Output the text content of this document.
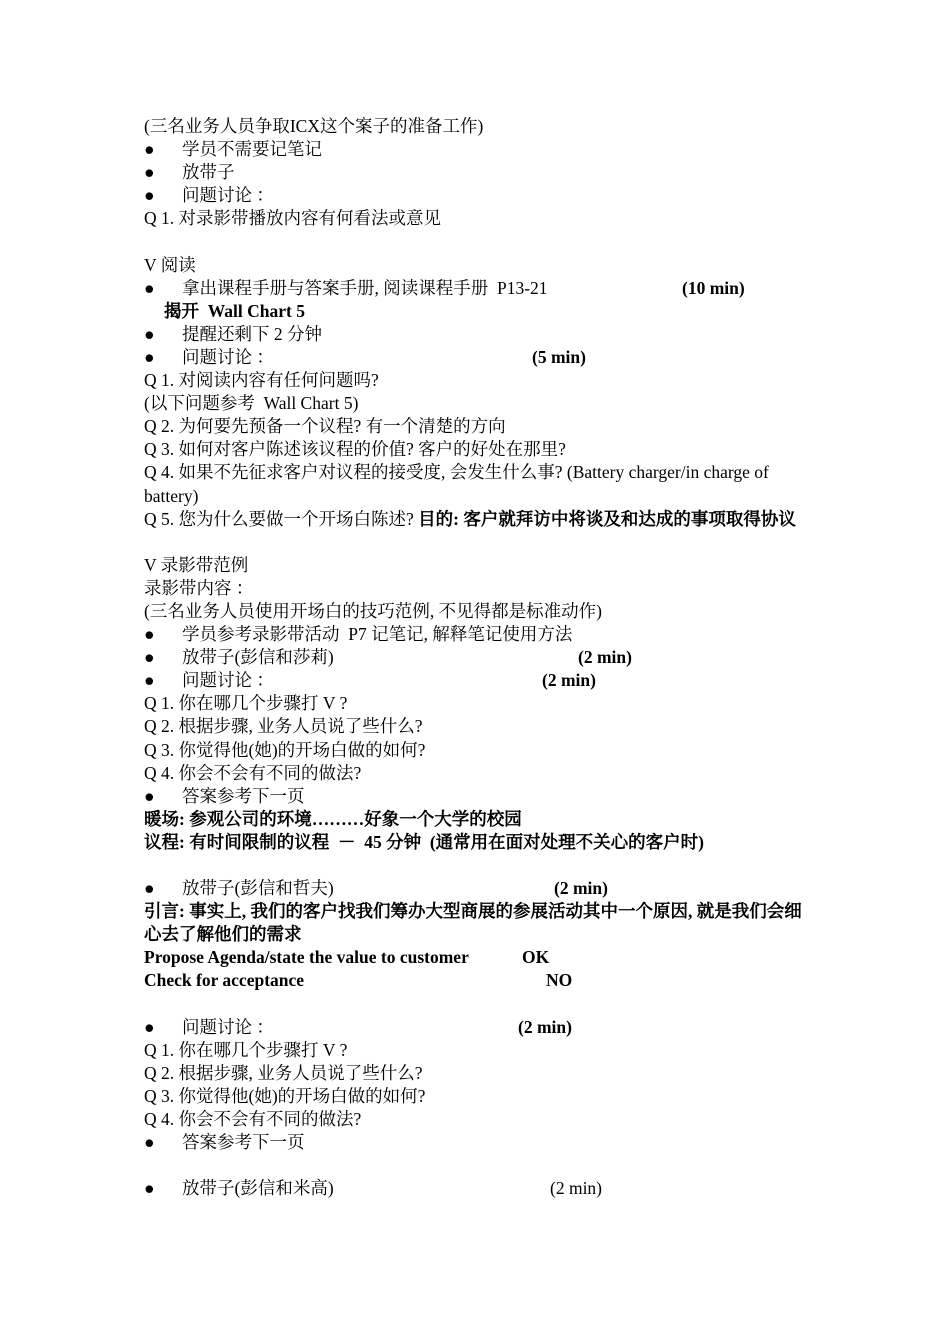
(三名业务人员争取ICX这个案子的准备工作)
● 学员不需要记笔记
● 放带子
● 问题讨论 ：
Q 1. 对录影带播放内容有何看法或意见
V 阅读
● 拿出课程手册与答案手册, 阅读课程手册  P13-21	(10 min)
揭开  Wall Chart 5
● 提醒还剩下 2 分钟
● 问题讨论 ：	(5 min)
Q 1. 对阅读内容有任何问题吗?
(以下问题参考  Wall Chart 5)
Q 2. 为何要先预备一个议程? 有一个清楚的方向
Q 3. 如何对客户陈述该议程的价值? 客户的好处在那里?
Q 4. 如果不先征求客户对议程的接受度, 会发生什么事? (Battery charger/in charge of battery)
Q 5. 您为什么要做一个开场白陈述? 目的: 客户就拜访中将谈及和达成的事项取得协议
V 录影带范例
录影带内容 ：
(三名业务人员使用开场白的技巧范例, 不见得都是标准动作)
● 学员参考录影带活动  P7 记笔记, 解释笔记使用方法
● 放带子(彭信和莎莉)	(2 min)
● 问题讨论 ：	(2 min)
Q 1. 你在哪几个步骤打 V ?
Q 2. 根据步骤, 业务人员说了些什么?
Q 3. 你觉得他(她)的开场白做的如何?
Q 4. 你会不会有不同的做法?
● 答案参考下一页
暖场: 参观公司的环境………好象一个大学的校园
议程: 有时间限制的议程  －  45 分钟  (通常用在面对处理不关心的客户时)
● 放带子(彭信和哲夫)	(2 min)
引言: 事实上, 我们的客户找我们筹办大型商展的参展活动其中一个原因, 就是我们会细心去了解他们的需求
Propose Agenda/state the value to customer	OK
Check for acceptance	NO
● 问题讨论 ：	(2 min)
Q 1. 你在哪几个步骤打 V ?
Q 2. 根据步骤, 业务人员说了些什么?
Q 3. 你觉得他(她)的开场白做的如何?
Q 4. 你会不会有不同的做法?
● 答案参考下一页
● 放带子(彭信和米高)	(2 min)
